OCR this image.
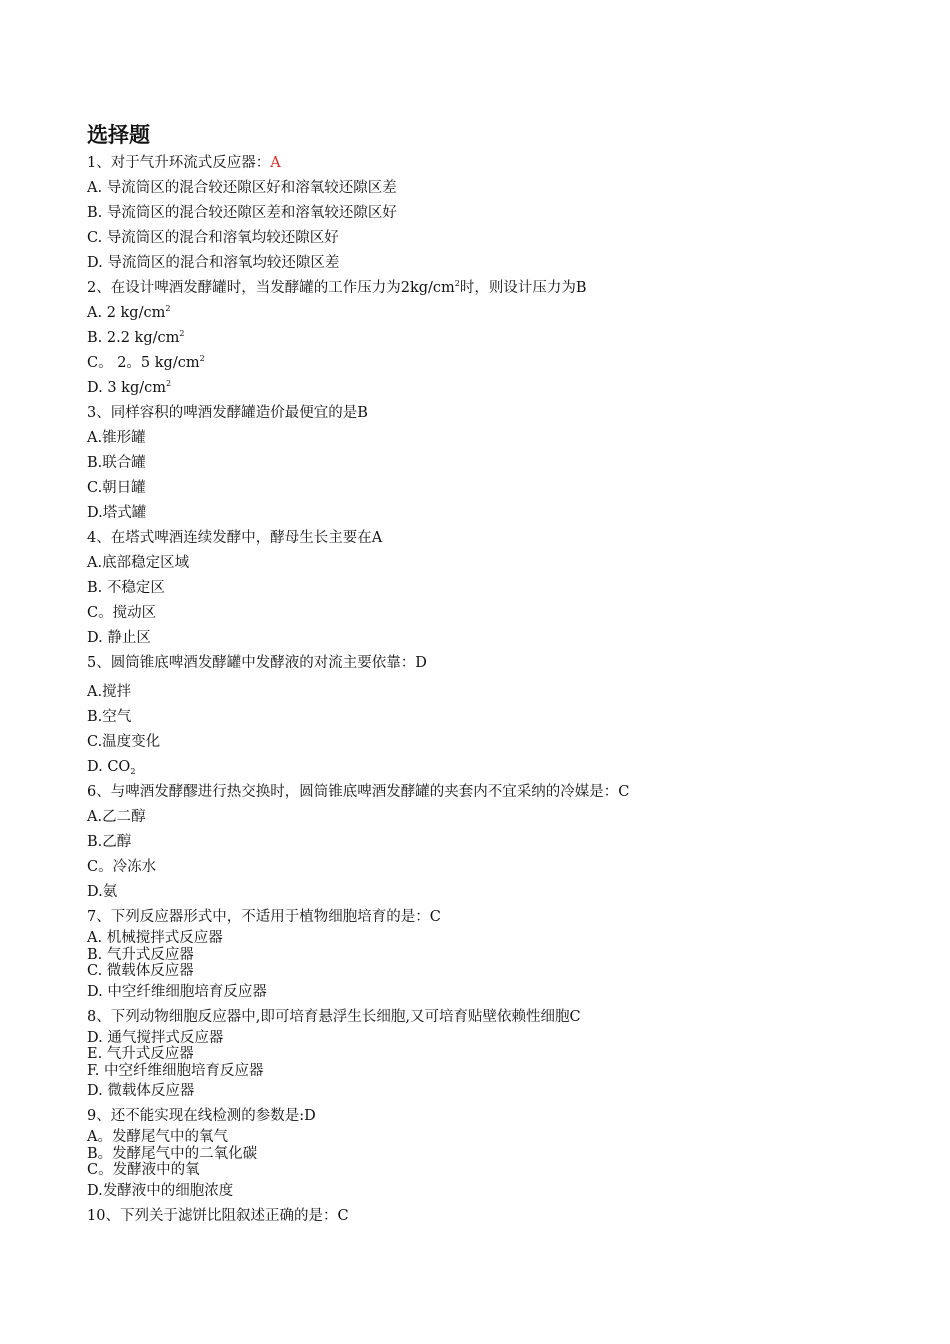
选择题
1、对于气升环流式反应器：A
A. 导流筒区的混合较还隙区好和溶氧较还隙区差
B. 导流筒区的混合较还隙区差和溶氧较还隙区好
C. 导流筒区的混合和溶氧均较还隙区好
D. 导流筒区的混合和溶氧均较还隙区差
2、在设计啤酒发酵罐时，当发酵罐的工作压力为$2kg/cm^2$时，则设计压力为B
A. 2 $kg/cm^2$
B. 2.2 $kg/cm^2$
C。 2。5 $kg/cm^2$
D. 3 $kg/cm^2$
3、同样容积的啤酒发酵罐造价最便宜的是B
A.锥形罐
B.联合罐
C.朝日罐
D.塔式罐
4、在塔式啤酒连续发酵中，酵母生长主要在A
A.底部稳定区域
B. 不稳定区
C。搅动区
D. 静止区
5、圆筒锥底啤酒发酵罐中发酵液的对流主要依靠：D
A.搅拌
B.空气
C.温度变化
D. $CO_2$
6、与啤酒发酵醪进行热交换时，圆筒锥底啤酒发酵罐的夹套内不宜采纳的冷媒是：C
A.乙二醇
B.乙醇
C。冷冻水
D.氨
7、下列反应器形式中，不适用于植物细胞培育的是：C
A. 机械搅拌式反应器
B. 气升式反应器
C. 微载体反应器
D. 中空纤维细胞培育反应器
8、下列动物细胞反应器中,即可培育悬浮生长细胞,又可培育贴壁依赖性细胞C
D. 通气搅拌式反应器
E. 气升式反应器
F. 中空纤维细胞培育反应器
D. 微载体反应器
9、还不能实现在线检测的参数是:D
A。发酵尾气中的氧气
B。发酵尾气中的二氧化碳
C。发酵液中的氧
D.发酵液中的细胞浓度
10、下列关于滤饼比阻叙述正确的是：C
